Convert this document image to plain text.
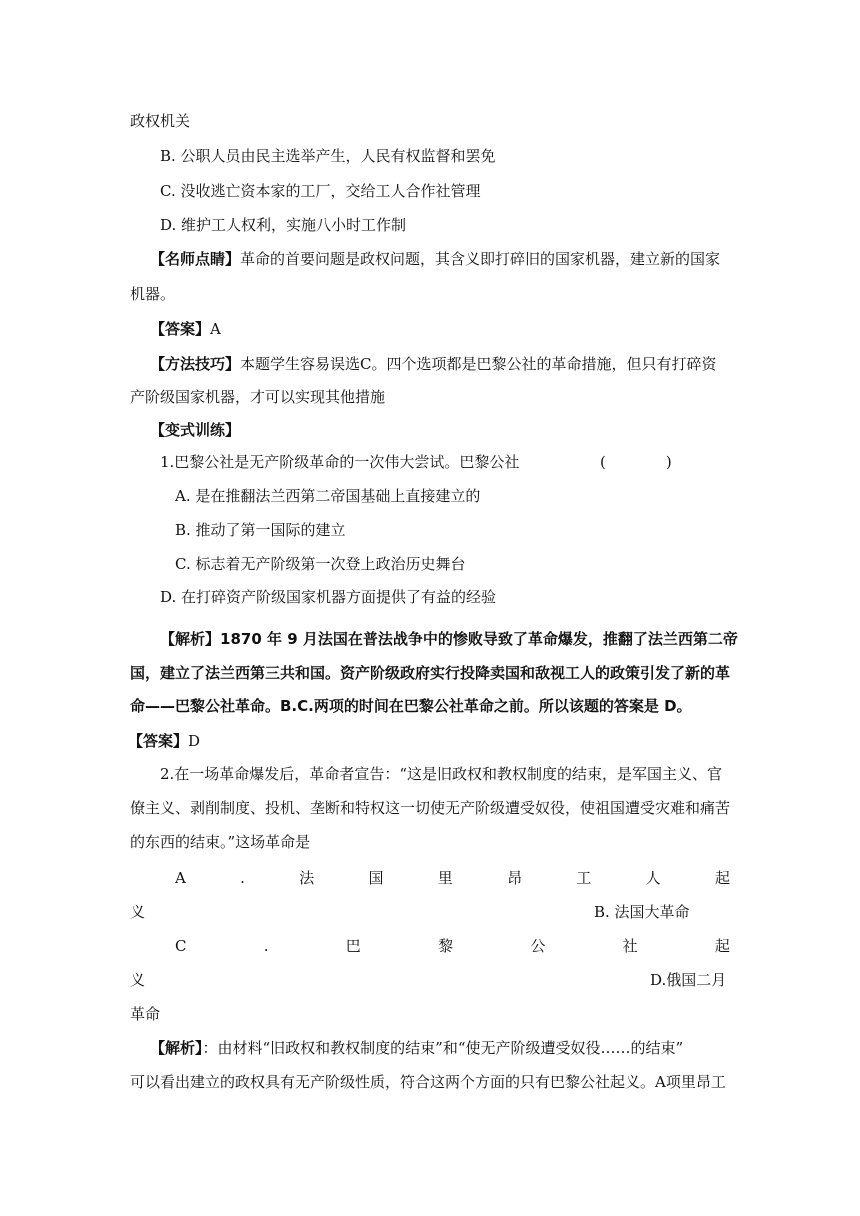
政权机关
B. 公职人员由民主选举产生，人民有权监督和罢免
C. 没收逃亡资本家的工厂，交给工人合作社管理
D. 维护工人权利，实施八小时工作制
【名师点睛】革命的首要问题是政权问题，其含义即打碎旧的国家机器，建立新的国家
机器。
【答案】A
【方法技巧】本题学生容易误选C。四个选项都是巴黎公社的革命措施，但只有打碎资
产阶级国家机器，才可以实现其他措施
【变式训练】
1.巴黎公社是无产阶级革命的一次伟大尝试。巴黎公社	(　　　　)
A. 是在推翻法兰西第二帝国基础上直接建立的
B. 推动了第一国际的建立
C. 标志着无产阶级第一次登上政治历史舞台
D. 在打碎资产阶级国家机器方面提供了有益的经验
【解析】1870 年 9 月法国在普法战争中的惨败导致了革命爆发，推翻了法兰西第二帝
国，建立了法兰西第三共和国。资产阶级政府实行投降卖国和敌视工人的政策引发了新的革
命——巴黎公社革命。B.C.两项的时间在巴黎公社革命之前。所以该题的答案是 D。
【答案】D
2.在一场革命爆发后，革命者宣告：“这是旧政权和教权制度的结束，是军国主义、官
僚主义、剥削制度、投机、垄断和特权这一切使无产阶级遭受奴役，使祖国遭受灾难和痛苦
的东西的结束。”这场革命是
A	.	法	国	里	昂	工	人	起
义	B. 法国大革命
C	.	巴	黎	公	社	起
义	D.俄国二月
革命
【解析】：由材料“旧政权和教权制度的结束”和“使无产阶级遭受奴役……的结束”
可以看出建立的政权具有无产阶级性质，符合这两个方面的只有巴黎公社起义。A项里昂工
